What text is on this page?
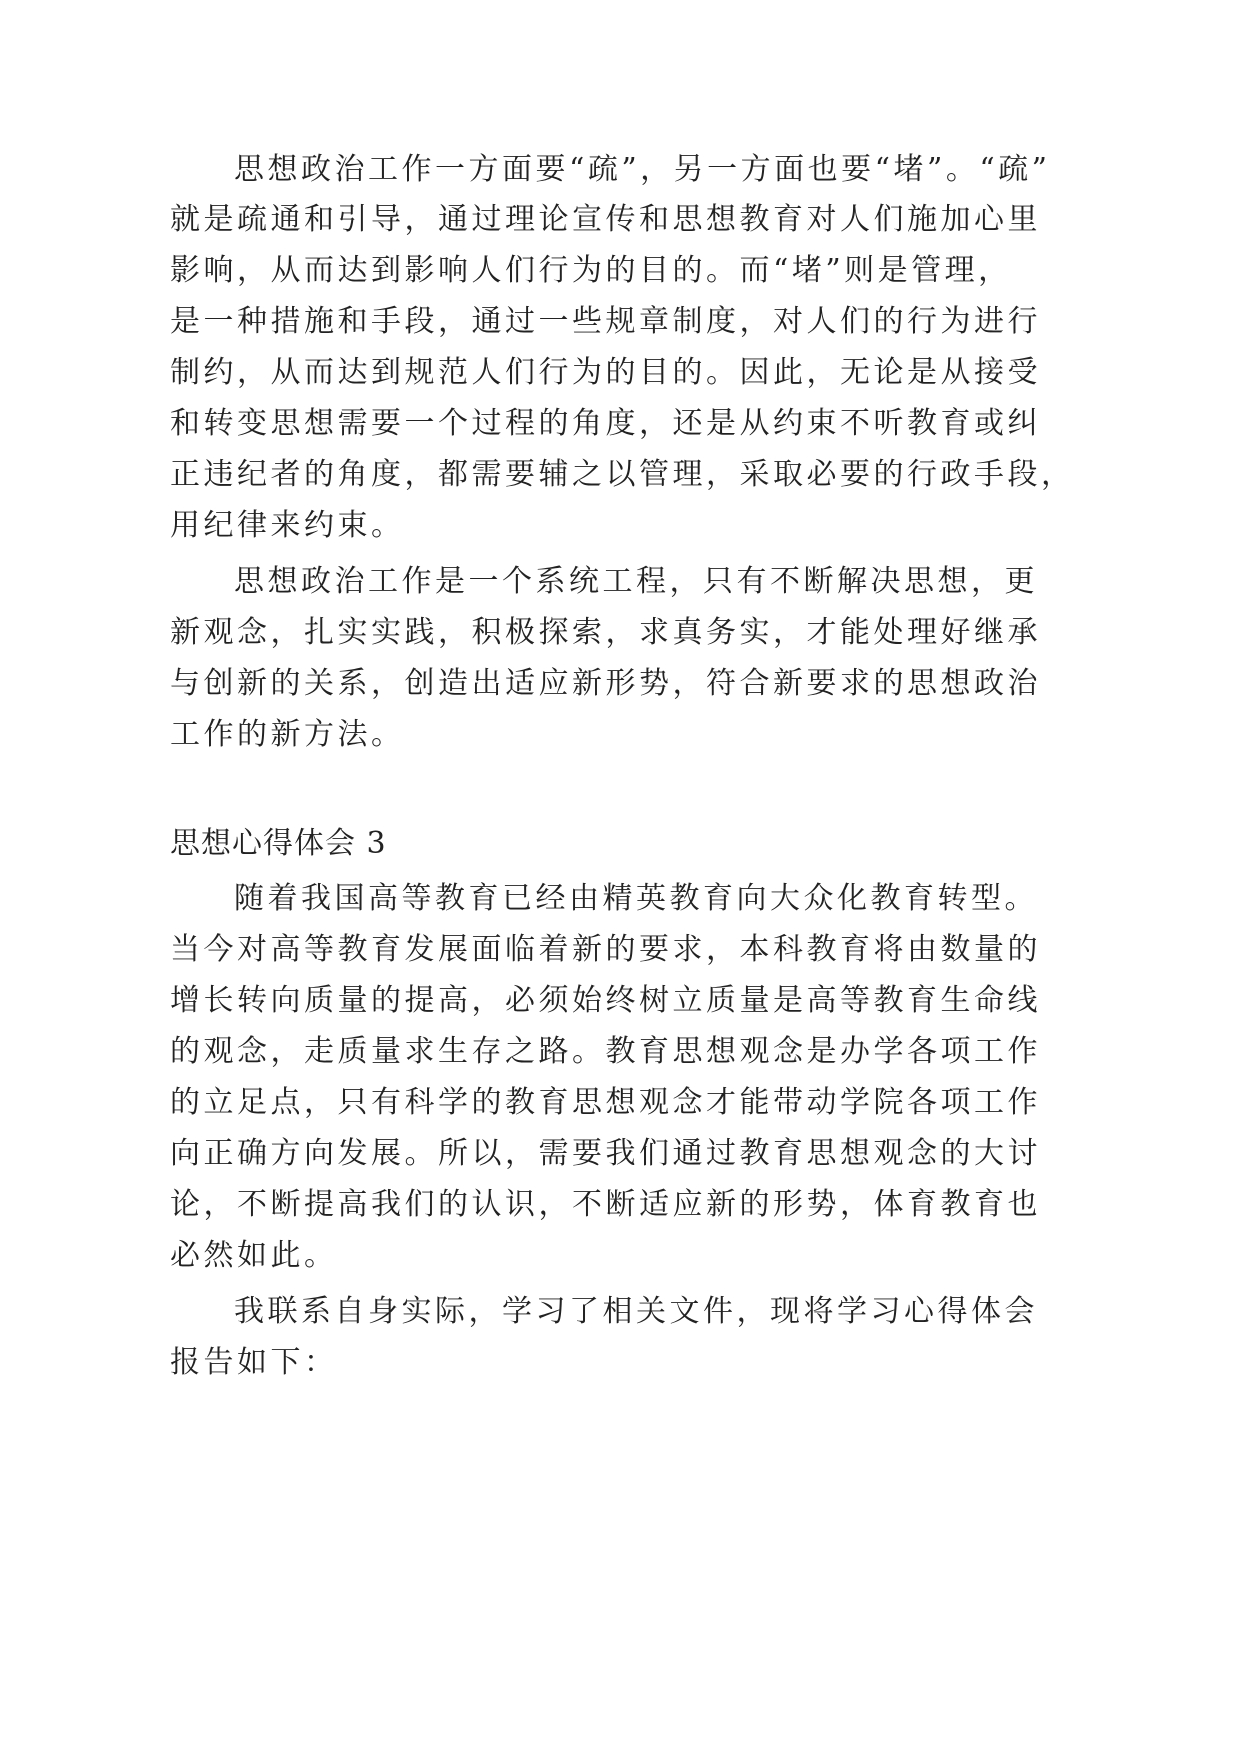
思想政治工作一方面要“疏”，另一方面也要“堵”。“疏”
就是疏通和引导，通过理论宣传和思想教育对人们施加心里
影响，从而达到影响人们行为的目的。而“堵”则是管理，
是一种措施和手段，通过一些规章制度，对人们的行为进行
制约，从而达到规范人们行为的目的。因此，无论是从接受
和转变思想需要一个过程的角度，还是从约束不听教育或纠
正违纪者的角度，都需要辅之以管理，采取必要的行政手段，
用纪律来约束。
思想政治工作是一个系统工程，只有不断解决思想，更
新观念，扎实实践，积极探索，求真务实，才能处理好继承
与创新的关系，创造出适应新形势，符合新要求的思想政治
工作的新方法。
思想心得体会 3
随着我国高等教育已经由精英教育向大众化教育转型。
当今对高等教育发展面临着新的要求，本科教育将由数量的
增长转向质量的提高，必须始终树立质量是高等教育生命线
的观念，走质量求生存之路。教育思想观念是办学各项工作
的立足点，只有科学的教育思想观念才能带动学院各项工作
向正确方向发展。所以，需要我们通过教育思想观念的大讨
论，不断提高我们的认识，不断适应新的形势，体育教育也
必然如此。
我联系自身实际，学习了相关文件，现将学习心得体会
报告如下：
